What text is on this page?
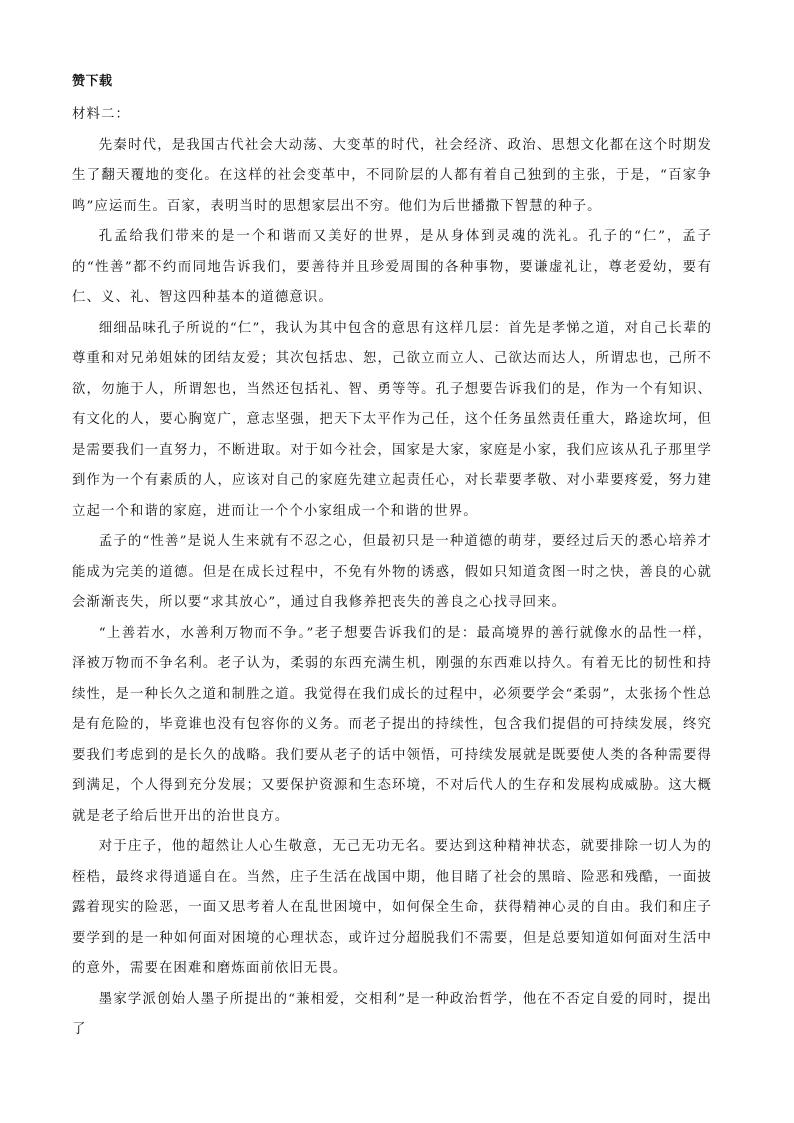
赞下载

材料二：

先秦时代，是我国古代社会大动荡、大变革的时代，社会经济、政治、思想文化都在这个时期发生了翻天覆地的变化。在这样的社会变革中，不同阶层的人都有着自己独到的主张，于是，“百家争鸣”应运而生。百家，表明当时的思想家层出不穷。他们为后世播撒下智慧的种子。

孔孟给我们带来的是一个和谐而又美好的世界，是从身体到灵魂的洗礼。孔子的“仁”，孟子的“性善”都不约而同地告诉我们，要善待并且珍爱周围的各种事物，要谦虚礼让，尊老爱幼，要有仁、义、礼、智这四种基本的道德意识。

细细品味孔子所说的“仁”，我认为其中包含的意思有这样几层：首先是孝悌之道，对自己长辈的尊重和对兄弟姐妹的团结友爱；其次包括忠、恕，己欲立而立人、己欲达而达人，所谓忠也，己所不欲，勿施于人，所谓恕也，当然还包括礼、智、勇等等。孔子想要告诉我们的是，作为一个有知识、有文化的人，要心胸宽广，意志坚强，把天下太平作为己任，这个任务虽然责任重大，路途坎坷，但是需要我们一直努力，不断进取。对于如今社会，国家是大家，家庭是小家，我们应该从孔子那里学到作为一个有素质的人，应该对自己的家庭先建立起责任心，对长辈要孝敬、对小辈要疼爱，努力建立起一个和谐的家庭，进而让一个个小家组成一个和谐的世界。

孟子的“性善”是说人生来就有不忍之心，但最初只是一种道德的萌芽，要经过后天的悉心培养才能成为完美的道德。但是在成长过程中，不免有外物的诱惑，假如只知道贪图一时之快，善良的心就会渐渐丧失，所以要“求其放心”，通过自我修养把丧失的善良之心找寻回来。

“上善若水，水善利万物而不争。”老子想要告诉我们的是：最高境界的善行就像水的品性一样，泽被万物而不争名利。老子认为，柔弱的东西充满生机，刚强的东西难以持久。有着无比的韧性和持续性，是一种长久之道和制胜之道。我觉得在我们成长的过程中，必须要学会“柔弱”，太张扬个性总是有危险的，毕竟谁也没有包容你的义务。而老子提出的持续性，包含我们提倡的可持续发展，终究要我们考虑到的是长久的战略。我们要从老子的话中领悟，可持续发展就是既要使人类的各种需要得到满足，个人得到充分发展；又要保护资源和生态环境，不对后代人的生存和发展构成威胁。这大概就是老子给后世开出的治世良方。

对于庄子，他的超然让人心生敬意，无己无功无名。要达到这种精神状态，就要排除一切人为的桎梏，最终求得逍遥自在。当然，庄子生活在战国中期，他目睹了社会的黑暗、险恶和残酷，一面披露着现实的险恶，一面又思考着人在乱世困境中，如何保全生命，获得精神心灵的自由。我们和庄子要学到的是一种如何面对困境的心理状态，或许过分超脱我们不需要，但是总要知道如何面对生活中的意外，需要在困难和磨炼面前依旧无畏。

墨家学派创始人墨子所提出的“兼相爱，交相利”是一种政治哲学，他在不否定自爱的同时，提出了
